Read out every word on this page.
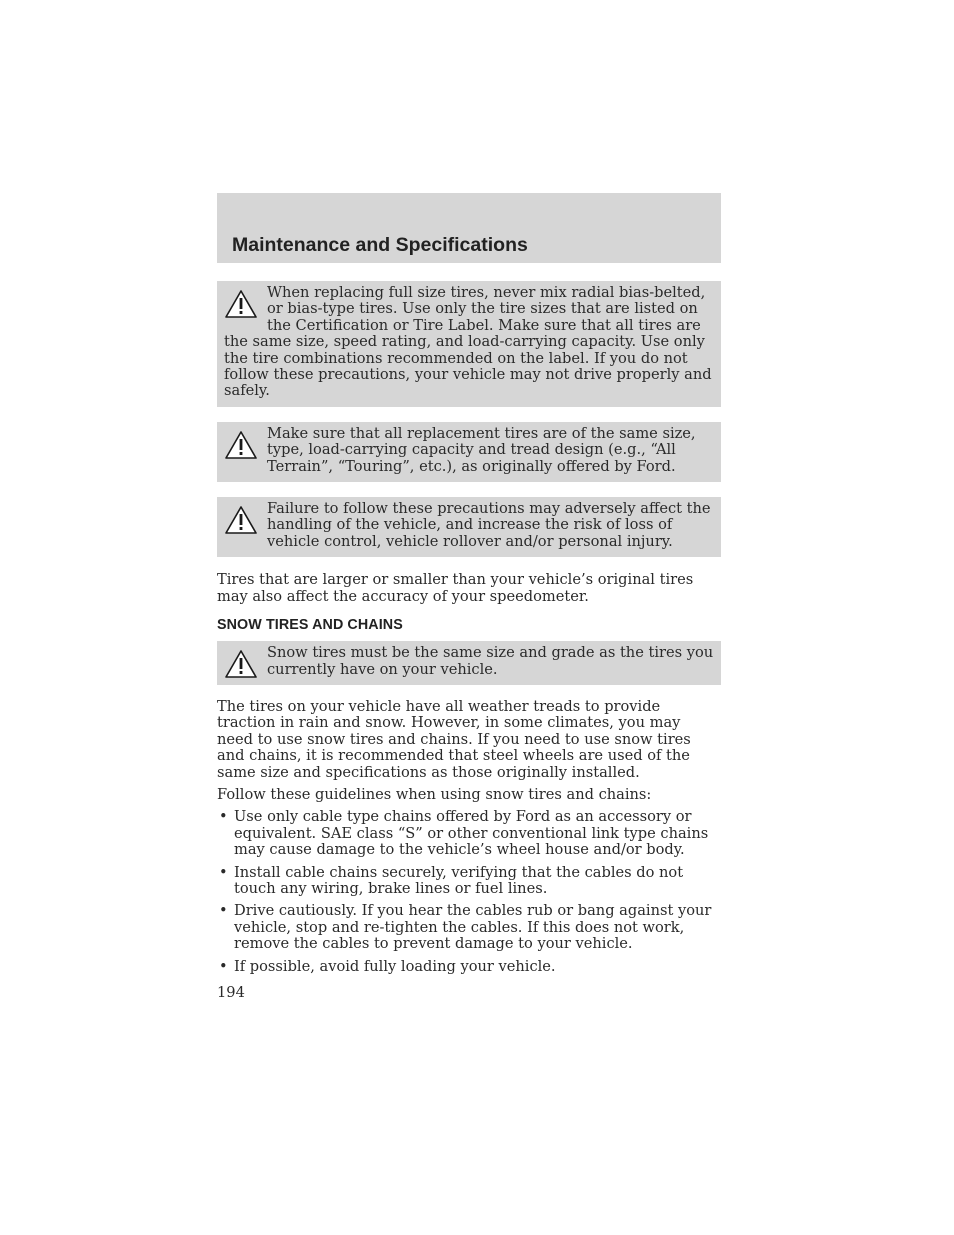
Maintenance and Specifications

When replacing full size tires, never mix radial bias-belted, or bias-type tires. Use only the tire sizes that are listed on the Certification or Tire Label. Make sure that all tires are the same size, speed rating, and load-carrying capacity. Use only the tire combinations recommended on the label. If you do not follow these precautions, your vehicle may not drive properly and safely.

Make sure that all replacement tires are of the same size, type, load-carrying capacity and tread design (e.g., “All Terrain”, “Touring”, etc.), as originally offered by Ford.

Failure to follow these precautions may adversely affect the handling of the vehicle, and increase the risk of loss of vehicle control, vehicle rollover and/or personal injury.

Tires that are larger or smaller than your vehicle’s original tires may also affect the accuracy of your speedometer.

SNOW TIRES AND CHAINS

Snow tires must be the same size and grade as the tires you currently have on your vehicle.

The tires on your vehicle have all weather treads to provide traction in rain and snow. However, in some climates, you may need to use snow tires and chains. If you need to use snow tires and chains, it is recommended that steel wheels are used of the same size and specifications as those originally installed.

Follow these guidelines when using snow tires and chains:

• Use only cable type chains offered by Ford as an accessory or equivalent. SAE class “S” or other conventional link type chains may cause damage to the vehicle’s wheel house and/or body.
• Install cable chains securely, verifying that the cables do not touch any wiring, brake lines or fuel lines.
• Drive cautiously. If you hear the cables rub or bang against your vehicle, stop and re-tighten the cables. If this does not work, remove the cables to prevent damage to your vehicle.
• If possible, avoid fully loading your vehicle.

194
